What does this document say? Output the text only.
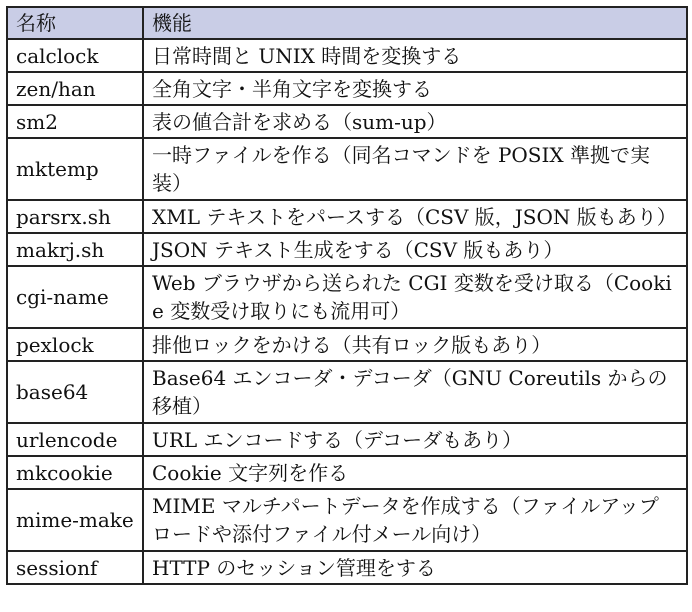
名称	機能
calclock	日常時間と UNIX 時間を変換する
zen/han	全角文字・半角文字を変換する
sm2	表の値合計を求める（sum-up）
mktemp	一時ファイルを作る（同名コマンドを POSIX 準拠で実装）
parsrx.sh	XML テキストをパースする（CSV 版，JSON 版もあり）
makrj.sh	JSON テキスト生成をする（CSV 版もあり）
cgi-name	Web ブラウザから送られた CGI 変数を受け取る（Cookie 変数受け取りにも流用可）
pexlock	排他ロックをかける（共有ロック版もあり）
base64	Base64 エンコーダ・デコーダ（GNU Coreutils からの移植）
urlencode	URL エンコードする（デコーダもあり）
mkcookie	Cookie 文字列を作る
mime-make	MIME マルチパートデータを作成する（ファイルアップロードや添付ファイル付メール向け）
sessionf	HTTP のセッション管理をする
